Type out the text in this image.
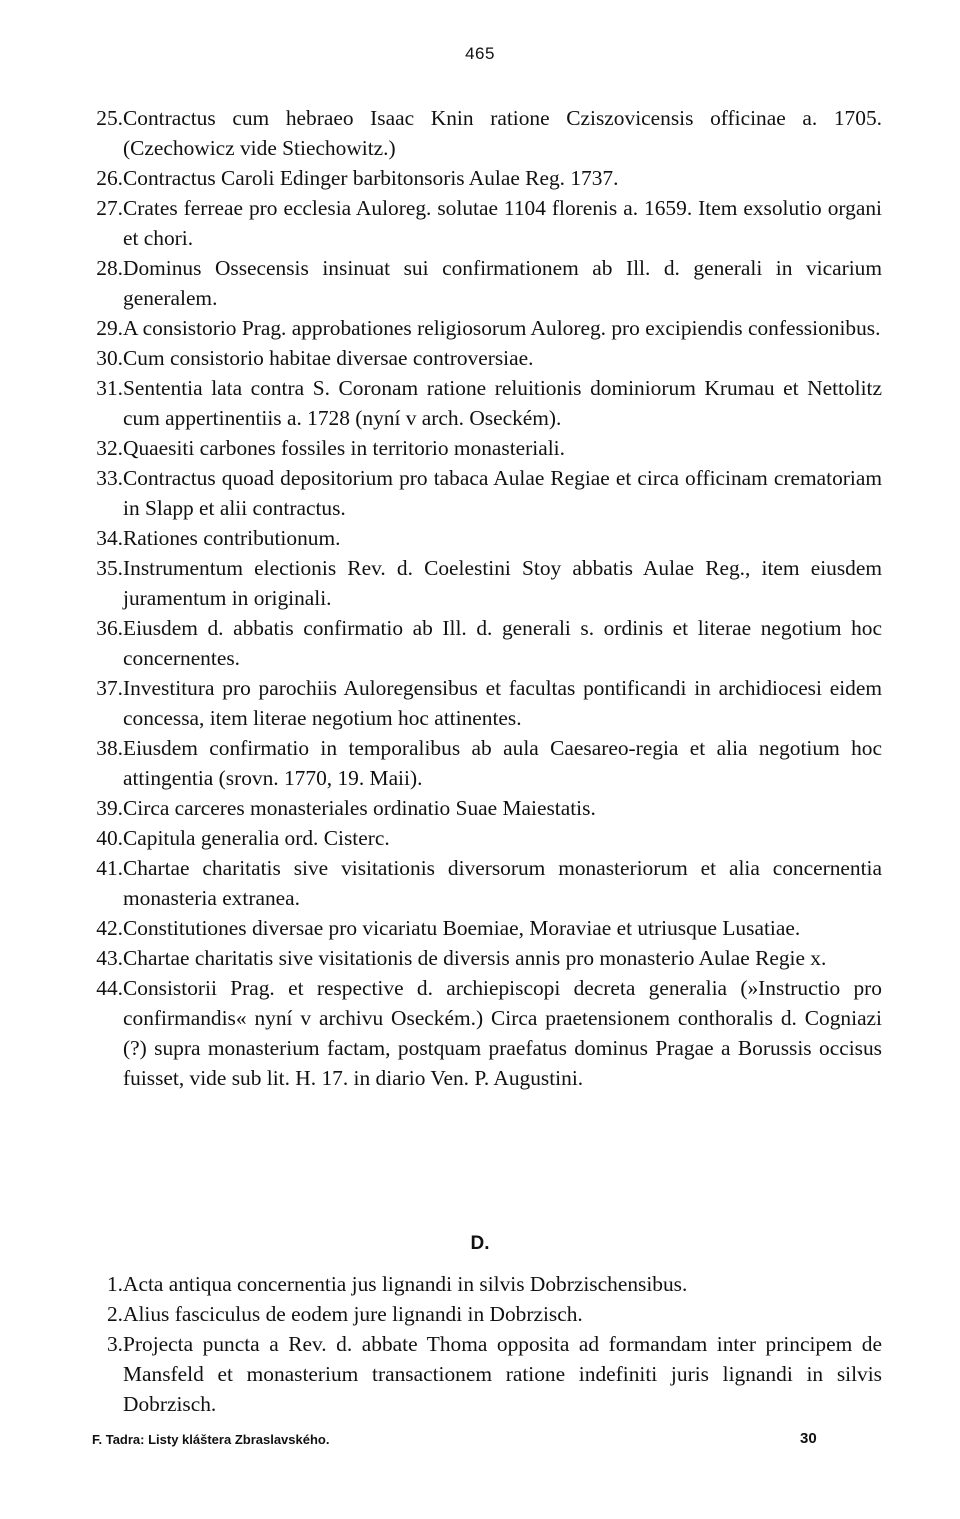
465
25. Contractus cum hebraeo Isaac Knin ratione Cziszovicensis officinae a. 1705. (Czechowicz vide Stiechowitz.)
26. Contractus Caroli Edinger barbitonsoris Aulae Reg. 1737.
27. Crates ferreae pro ecclesia Auloreg. solutae 1104 florenis a. 1659. Item exsolutio organi et chori.
28. Dominus Ossecensis insinuat sui confirmationem ab Ill. d. generali in vicarium generalem.
29. A consistorio Prag. approbationes religiosorum Auloreg. pro excipiendis confessionibus.
30. Cum consistorio habitae diversae controversiae.
31. Sententia lata contra S. Coronam ratione reluitionis dominiorum Krumau et Nettolitz cum appertinentiis a. 1728 (nyní v arch. Oseckém).
32. Quaesiti carbones fossiles in territorio monasteriali.
33. Contractus quoad depositorium pro tabaca Aulae Regiae et circa officinam crematoriam in Slapp et alii contractus.
34. Rationes contributionum.
35. Instrumentum electionis Rev. d. Coelestini Stoy abbatis Aulae Reg., item eiusdem juramentum in originali.
36. Eiusdem d. abbatis confirmatio ab Ill. d. generali s. ordinis et literae negotium hoc concernentes.
37. Investitura pro parochiis Auloregensibus et facultas pontificandi in archidiocesi eidem concessa, item literae negotium hoc attinentes.
38. Eiusdem confirmatio in temporalibus ab aula Caesareo-regia et alia negotium hoc attingentia (srovn. 1770, 19. Maii).
39. Circa carceres monasteriales ordinatio Suae Maiestatis.
40. Capitula generalia ord. Cisterc.
41. Chartae charitatis sive visitationis diversorum monasteriorum et alia concernentia monasteria extranea.
42. Constitutiones diversae pro vicariatu Boemiae, Moraviae et utriusque Lusatiae.
43. Chartae charitatis sive visitationis de diversis annis pro monasterio Aulae Regie x.
44. Consistorii Prag. et respective d. archiepiscopi decreta generalia (»Instructio pro confirmandis« nyní v archivu Oseckém.) Circa praetensionem conthoralis d. Cogniazi (?) supra monasterium factam, postquam praefatus dominus Pragae a Borussis occisus fuisset, vide sub lit. H. 17. in diario Ven. P. Augustini.
D.
1. Acta antiqua concernentia jus lignandi in silvis Dobrzischensibus.
2. Alius fasciculus de eodem jure lignandi in Dobrzisch.
3. Projecta puncta a Rev. d. abbate Thoma opposita ad formandam inter principem de Mansfeld et monasterium transactionem ratione indefiniti juris lignandi in silvis Dobrzisch.
F. Tadra: Listy kláštera Zbraslavského.	30
